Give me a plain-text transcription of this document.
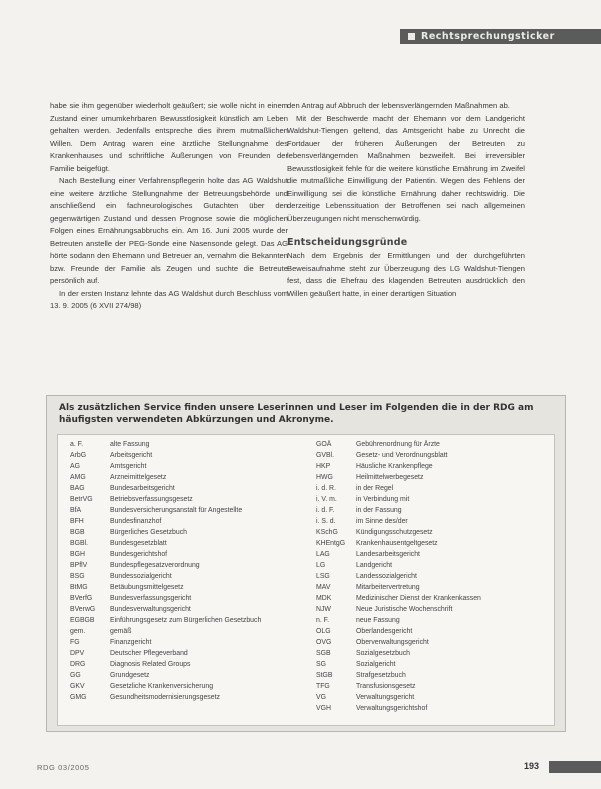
Rechtsprechungsticker

habe sie ihm gegenüber wiederholt geäußert; sie wolle nicht in einem Zustand einer umumkehrbaren Bewusstlosigkeit künstlich am Leben gehalten werden. Jedenfalls entspreche dies ihrem mutmaßlichen Willen. Dem Antrag waren eine ärztliche Stellungnahme des Krankenhauses und schriftliche Äußerungen von Freunden der Familie beigefügt.

Nach Bestellung einer Verfahrenspflegerin holte das AG Waldshut eine weitere ärztliche Stellungnahme der Betreuungsbehörde und anschließend ein fachneurologisches Gutachten über den gegenwärtigen Zustand und dessen Prognose sowie die möglichen Folgen eines Ernährungsabbruchs ein. Am 16. Juni 2005 wurde der Betreuten anstelle der PEG-Sonde eine Nasensonde gelegt. Das AG hörte sodann den Ehemann und Betreuer an, vernahm die Bekannten bzw. Freunde der Familie als Zeugen und suchte die Betreute persönlich auf.

In der ersten Instanz lehnte das AG Waldshut durch Beschluss vom 13. 9. 2005 (6 XVII 274/98)

den Antrag auf Abbruch der lebensverlängernden Maßnahmen ab.

Mit der Beschwerde macht der Ehemann vor dem Landgericht Waldshut-Tiengen geltend, das Amtsgericht habe zu Unrecht die Fortdauer der früheren Äußerungen der Betreuten zu lebensverlängernden Maßnahmen bezweifelt. Bei irreversibler Bewusstlosigkeit fehle für die weitere künstliche Ernährung im Zweifel die mutmaßliche Einwilligung der Patientin. Wegen des Fehlens der Einwilligung sei die künstliche Ernährung daher rechtswidrig. Die derzeitige Lebenssituation der Betroffenen sei nach allgemeinen Überzeugungen nicht menschenwürdig.

Entscheidungsgründe

Nach dem Ergebnis der Ermittlungen und der durchgeführten Beweisaufnahme steht zur Überzeugung des LG Waldshut-Tiengen fest, dass die Ehefrau des klagenden Betreuten ausdrücklich den Willen geäußert hatte, in einer derartigen Situation

Als zusätzlichen Service finden unsere Leserinnen und Leser im Folgenden die in der RDG am häufigsten verwendeten Abkürzungen und Akronyme.
a. F.	alte Fassung
ArbG	Arbeitsgericht
AG	Amtsgericht
AMG	Arzneimittelgesetz
BAG	Bundesarbeitsgericht
BetrVG	Betriebsverfassungsgesetz
BfA	Bundesversicherungsanstalt für Angestellte
BFH	Bundesfinanzhof
BGB	Bürgerliches Gesetzbuch
BGBl.	Bundesgesetzblatt
BGH	Bundesgerichtshof
BPflV	Bundespflegesatzverordnung
BSG	Bundessozialgericht
BtMG	Betäubungsmittelgesetz
BVerfG	Bundesverfassungsgericht
BVerwG Bundesverwaltungsgericht
EGBGB Einführungsgesetz zum Bürgerlichen Gesetzbuch
gem.	gemäß
FG	Finanzgericht
DPV	Deutscher Pflegeverband
DRG	Diagnosis Related Groups
GG	Grundgesetz
GKV	Gesetzliche Krankenversicherung
GMG	Gesundheitsmodernisierungsgesetz
GOÄ	Gebührenordnung für Ärzte
GVBl.	Gesetz- und Verordnungsblatt
HKP	Häusliche Krankenpflege
HWG	Heilmittelwerbegesetz
i. d. R.	in der Regel
i. V. m.	in Verbindung mit
i. d. F.	in der Fassung
i. S. d.	im Sinne des/der
KSchG	Kündigungsschutzgesetz
KHEntgG Krankenhausentgeltgesetz
LAG	Landesarbeitsgericht
LG	Landgericht
LSG	Landessozialgericht
MAV	Mitarbeitervertretung
MDK	Medizinischer Dienst der Krankenkassen
NJW	Neue Juristische Wochenschrift
n. F.	neue Fassung
OLG	Oberlandesgericht
OVG	Oberverwaltungsgericht
SGB	Sozialgesetzbuch
SG	Sozialgericht
StGB	Strafgesetzbuch
TFG	Transfusionsgesetz
VG	Verwaltungsgericht
VGH	Verwaltungsgerichtshof
RDG 03/2005	193
